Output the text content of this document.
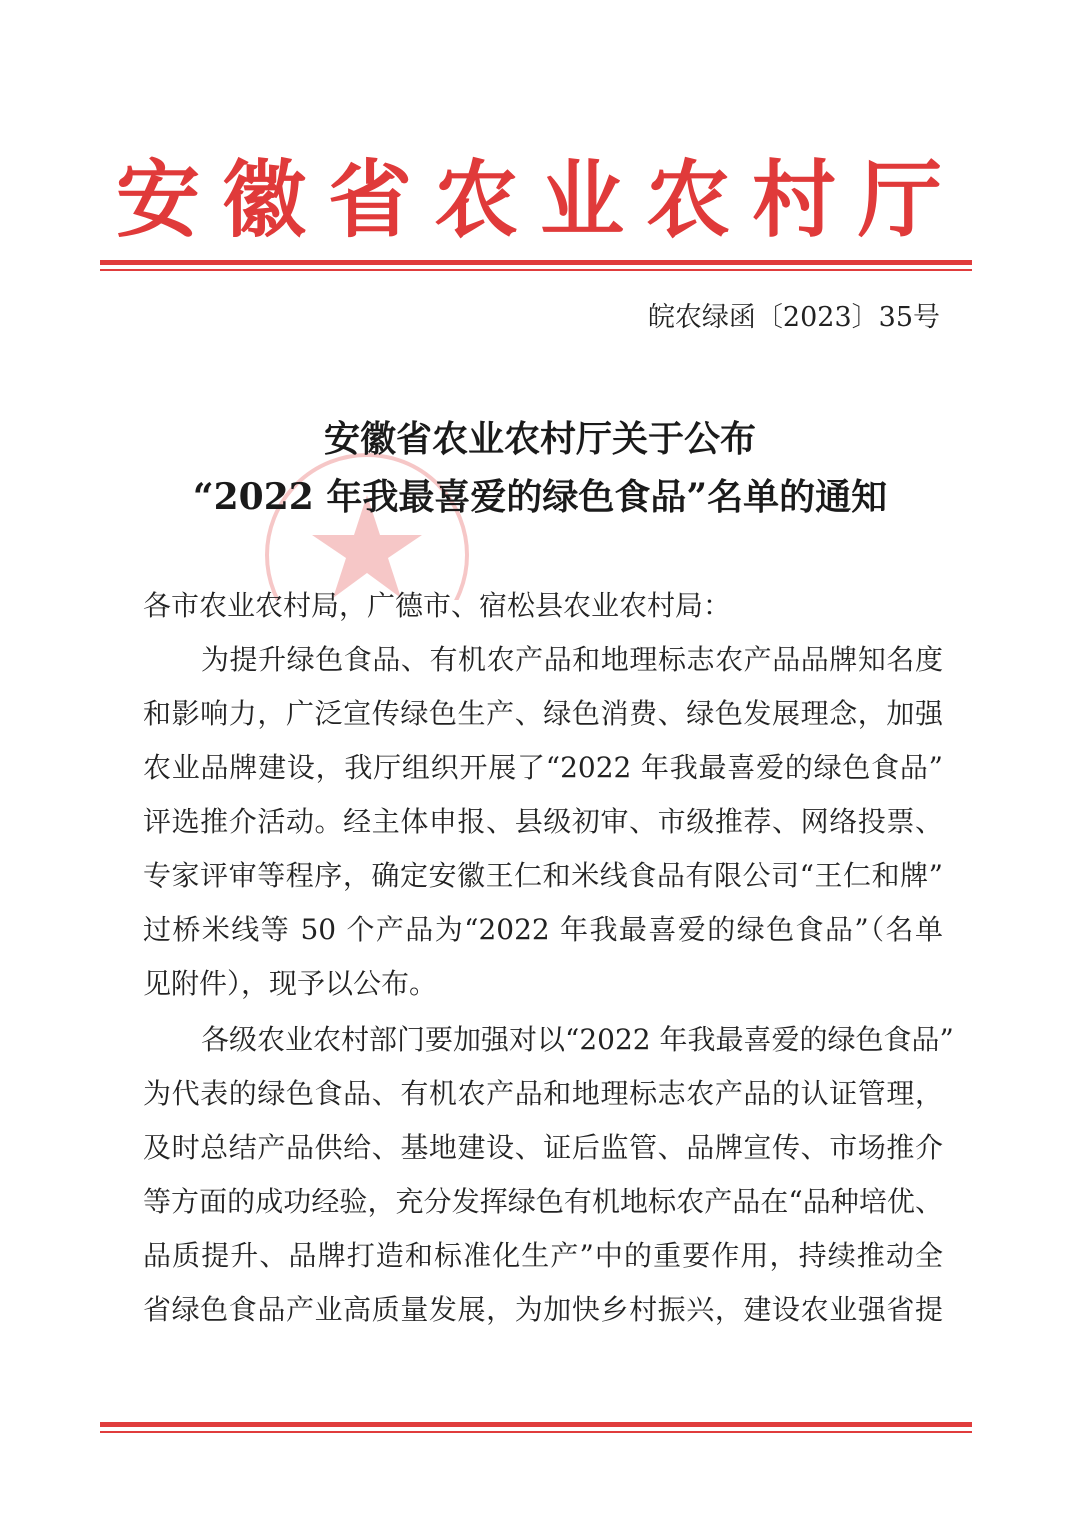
安徽省农业农村厅
皖农绿函〔2023〕35号
安徽省农业农村厅关于公布
“2022 年我最喜爱的绿色食品”名单的通知
各市农业农村局，广德市、宿松县农业农村局：
为提升绿色食品、有机农产品和地理标志农产品品牌知名度
和影响力，广泛宣传绿色生产、绿色消费、绿色发展理念，加强
农业品牌建设，我厅组织开展了“2022 年我最喜爱的绿色食品”
评选推介活动。经主体申报、县级初审、市级推荐、网络投票、
专家评审等程序，确定安徽王仁和米线食品有限公司“王仁和牌”
过桥米线等 50 个产品为“2022 年我最喜爱的绿色食品”（名单
见附件），现予以公布。
各级农业农村部门要加强对以“2022 年我最喜爱的绿色食品”
为代表的绿色食品、有机农产品和地理标志农产品的认证管理，
及时总结产品供给、基地建设、证后监管、品牌宣传、市场推介
等方面的成功经验，充分发挥绿色有机地标农产品在“品种培优、
品质提升、品牌打造和标准化生产”中的重要作用，持续推动全
省绿色食品产业高质量发展，为加快乡村振兴，建设农业强省提
